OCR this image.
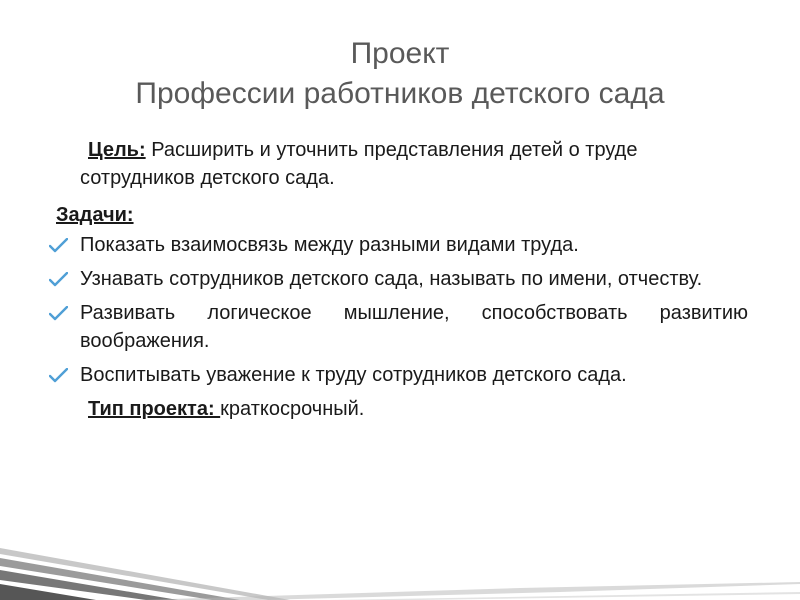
Проект
Профессии работников детского сада

Цель: Расширить и уточнить представления детей о труде сотрудников детского сада.

Задачи:
Показать взаимосвязь между разными видами труда.
Узнавать сотрудников детского сада, называть по имени, отчеству.
Развивать логическое мышление, способствовать развитию воображения.
Воспитывать уважение к труду сотрудников детского сада.

Тип проекта: краткосрочный.
